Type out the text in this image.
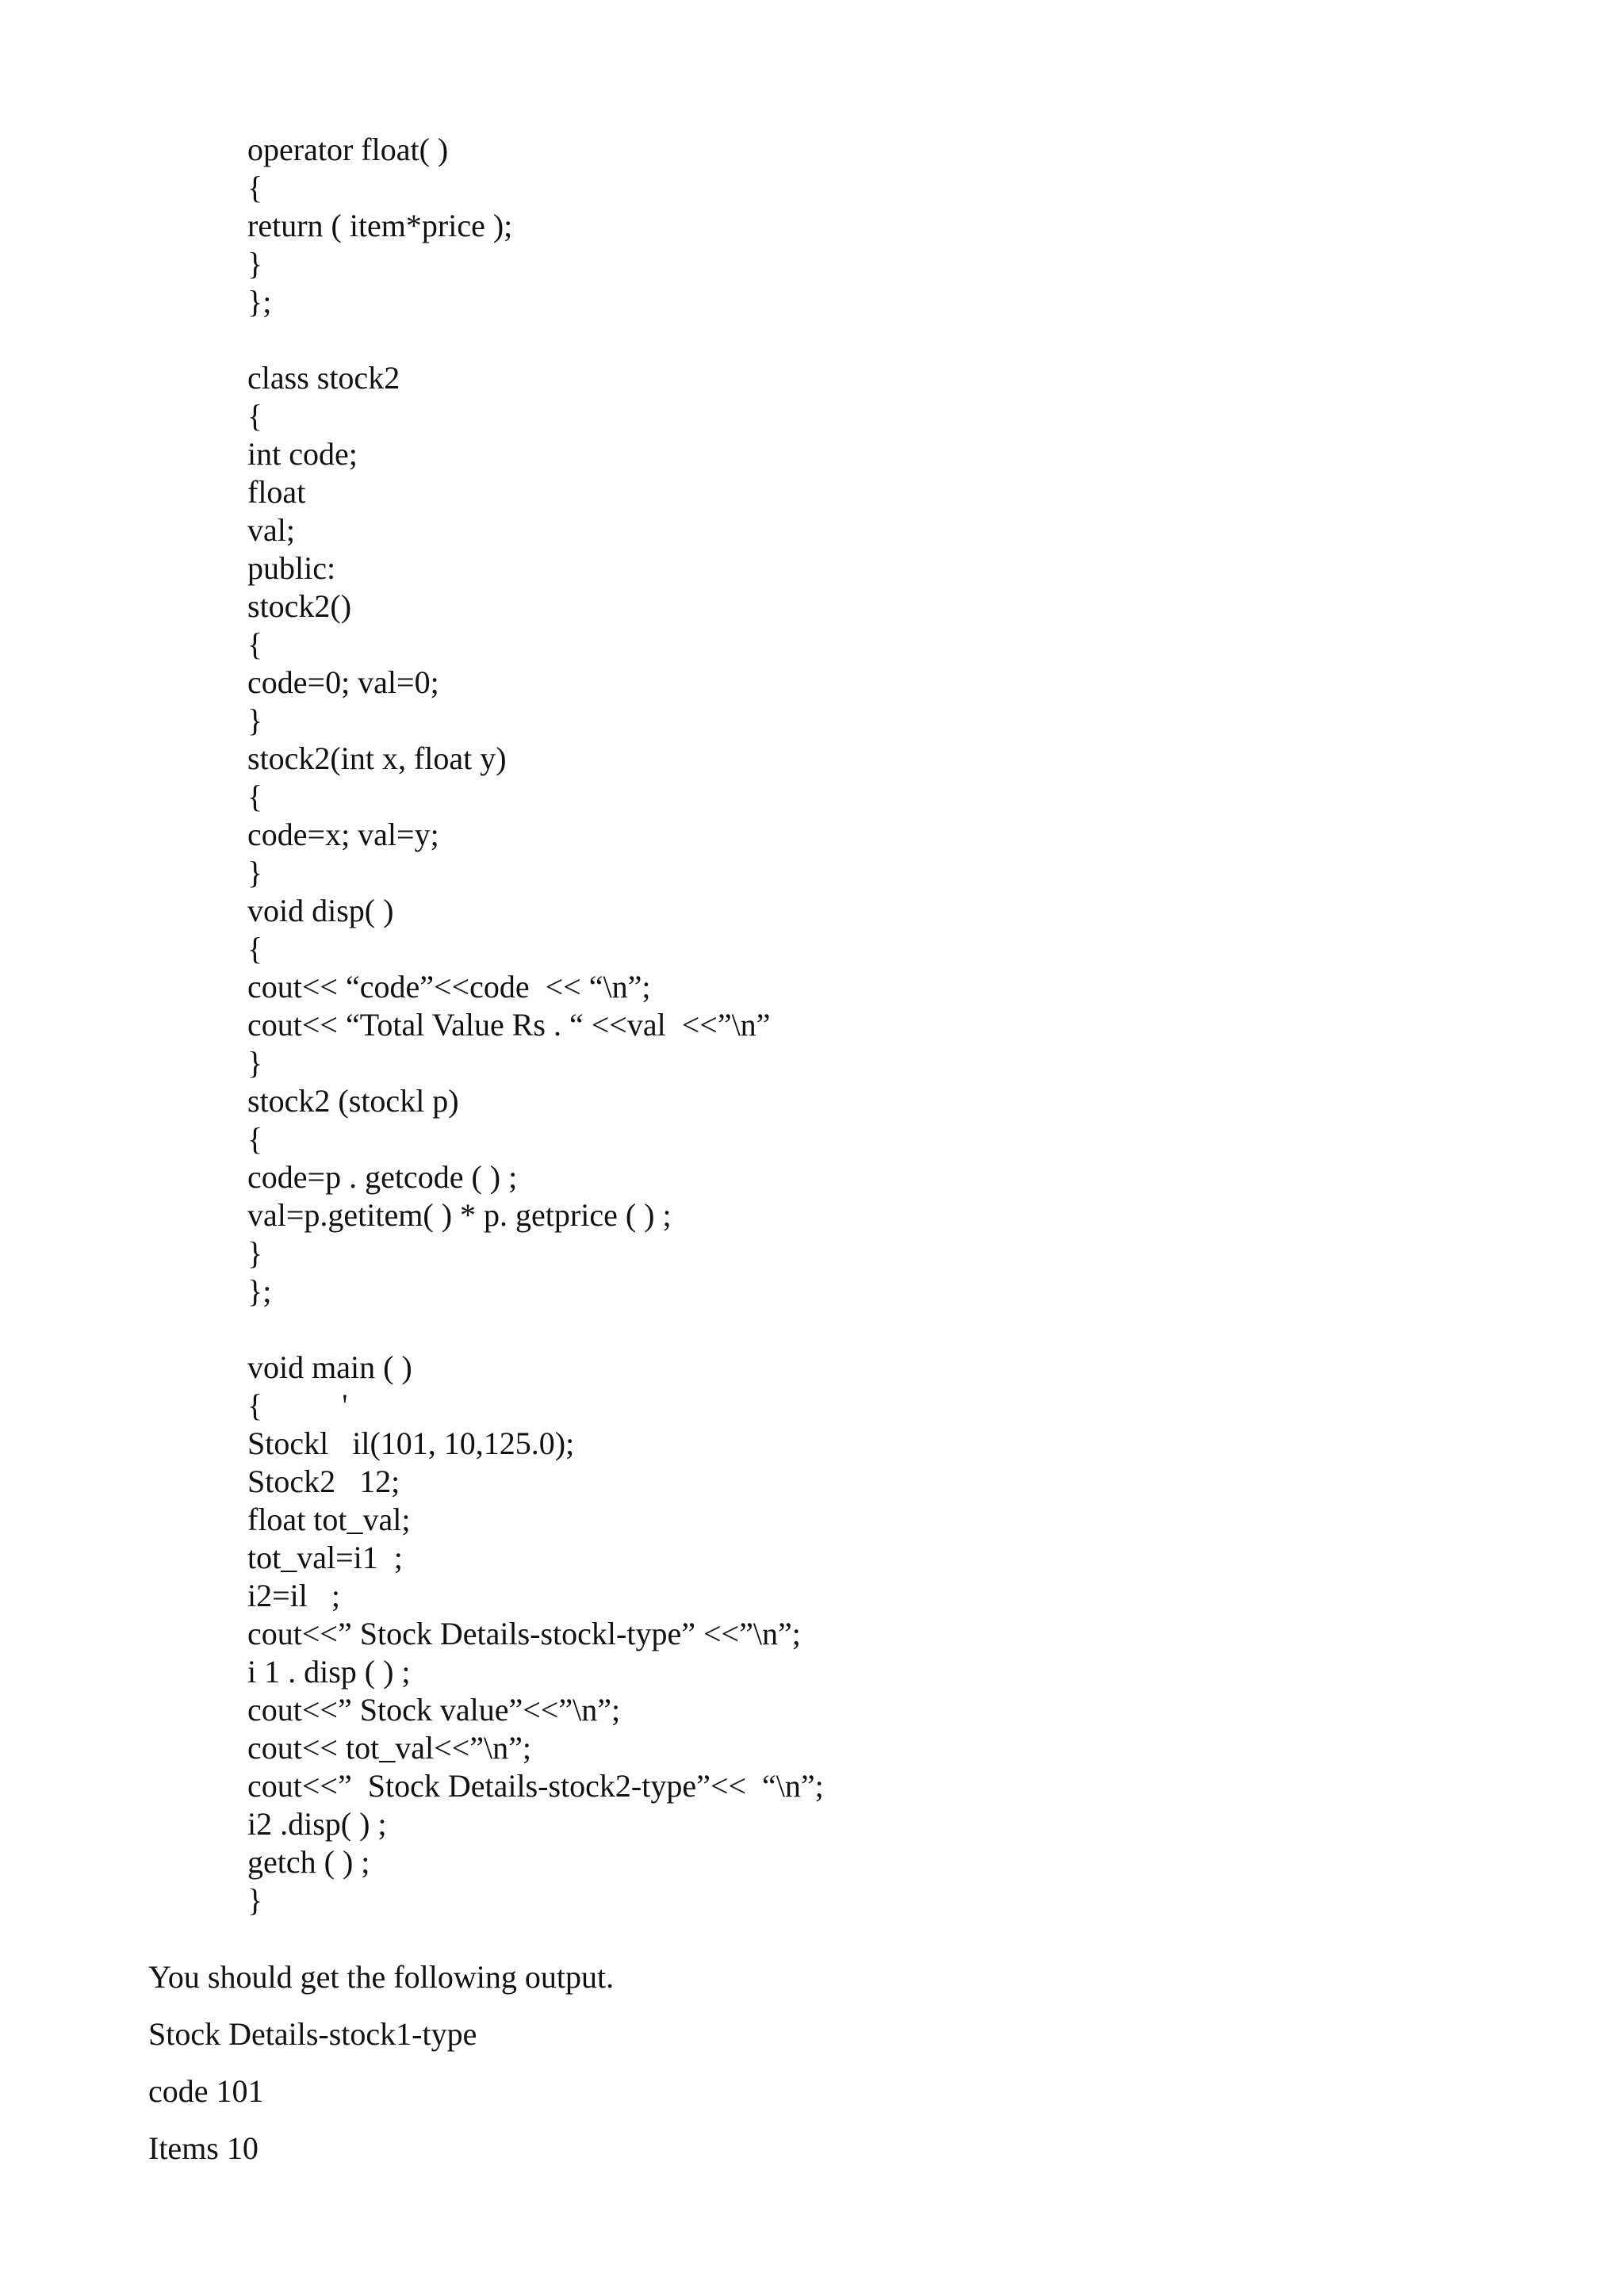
operator float( )
{
return ( item*price );
}
};
class stock2
{
int code;
float
val;
public:
stock2()
{
code=0; val=0;
}
stock2(int x, float y)
{
code=x; val=y;
}
void disp( )
{
cout<< “code”<<code  << “\n”;
cout<< “Total Value Rs . “ <<val  <<”\n”
}
stock2 (stockl p)
{
code=p . getcode ( ) ;
val=p.getitem( ) * p. getprice ( ) ;
}
};
void main ( )
{          '
Stockl   il(101, 10,125.0);
Stock2   12;
float tot_val;
tot_val=i1  ;
i2=il   ;
cout<<” Stock Details-stockl-type” <<”\n”;
i 1 . disp ( ) ;
cout<<” Stock value”<<”\n”;
cout<< tot_val<<”\n”;
cout<<”  Stock Details-stock2-type”<<  “\n”;
i2 .disp( ) ;
getch ( ) ;
}
You should get the following output.
Stock Details-stock1-type
code 101
Items 10
